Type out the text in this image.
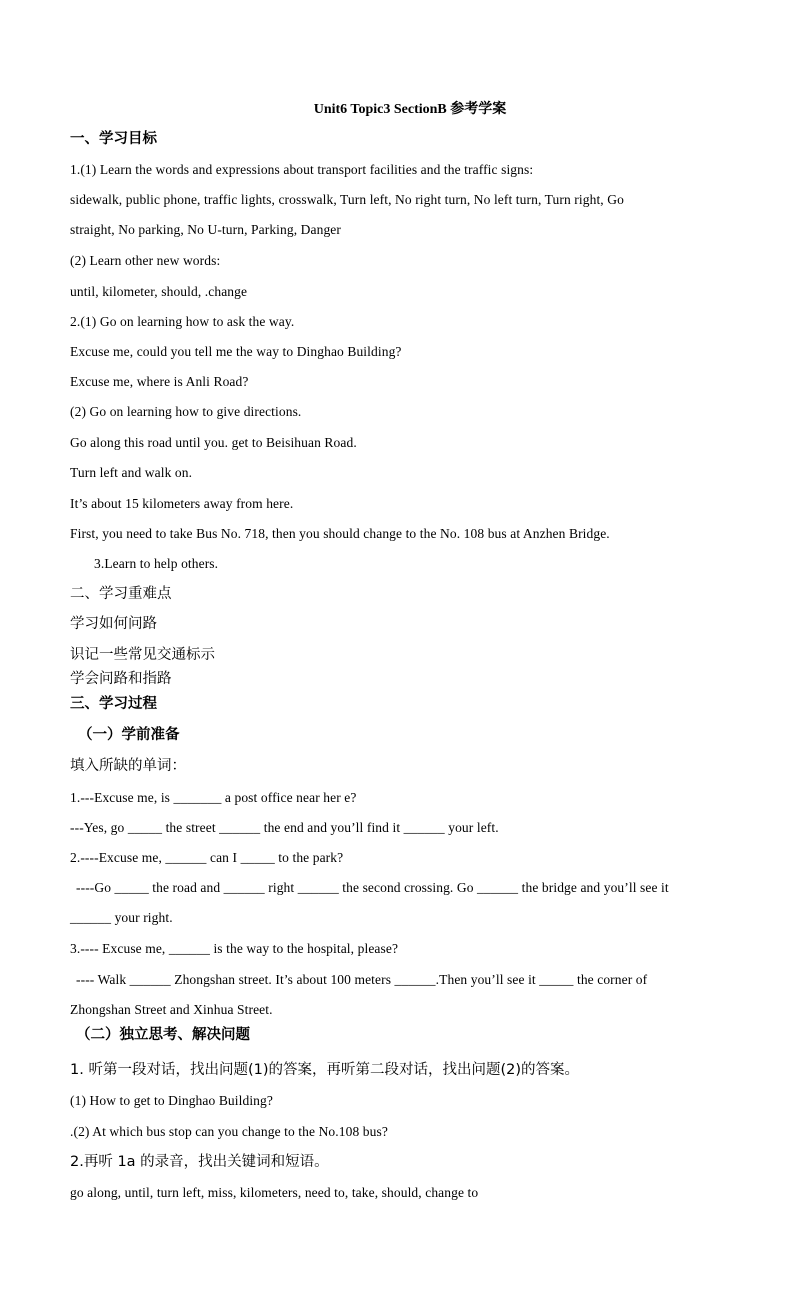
Unit6 Topic3 SectionB 参考学案
一、学习目标
1.(1) Learn the words and expressions about transport facilities and the traffic signs:
sidewalk, public phone, traffic lights, crosswalk, Turn left, No right turn, No left turn, Turn right, Go
straight, No parking, No U-turn, Parking, Danger
(2) Learn other new words:
until, kilometer, should, .change
2.(1) Go on learning how to ask the way.
Excuse me, could you tell me the way to Dinghao Building?
Excuse me, where is Anli Road?
(2) Go on learning how to give directions.
Go along this road until you. get to Beisihuan Road.
Turn left and walk on.
It’s about 15 kilometers away from here.
First, you need to take Bus No. 718, then you should change to the No. 108 bus at Anzhen Bridge.
3.Learn to help others.
二、学习重难点
学习如何问路
识记一些常见交通标示
学会问路和指路
三、学习过程
（一）学前准备
填入所缺的单词：
1.---Excuse me, is _______ a post office near her e?
---Yes, go _____ the street ______ the end and you’ll find it ______ your left.
2.----Excuse me, ______ can I _____ to the park?
----Go _____ the road and ______ right ______ the second crossing. Go ______ the bridge and you’ll see it
______ your right.
3.---- Excuse me, ______ is the way to the hospital, please?
---- Walk ______ Zhongshan street. It’s about 100 meters ______.Then you’ll see it _____ the corner of
Zhongshan Street and Xinhua Street.
（二）独立思考、解决问题
1. 听第一段对话，找出问题(1)的答案，再听第二段对话，找出问题(2)的答案。
(1) How to get to Dinghao Building?
.(2) At which bus stop can you change to the No.108 bus?
2.再听 1a 的录音，找出关键词和短语。
go along, until, turn left, miss, kilometers, need to, take, should, change to
